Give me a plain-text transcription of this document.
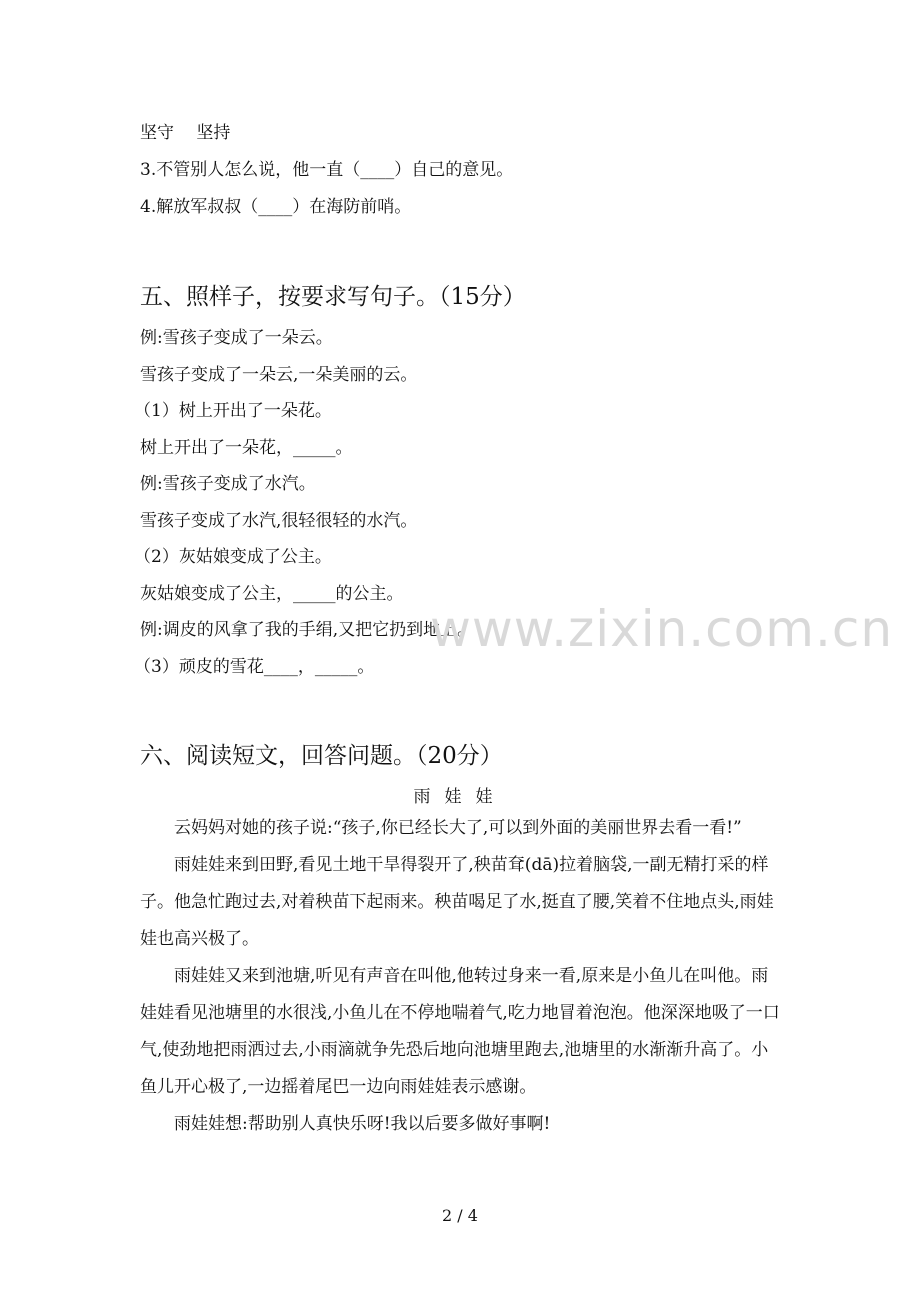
坚守　 坚持
3.不管别人怎么说，他一直（____）自己的意见。
4.解放军叔叔（____）在海防前哨。
五、照样子，按要求写句子。（15分）
例:雪孩子变成了一朵云。
雪孩子变成了一朵云,一朵美丽的云。
（1）树上开出了一朵花。
树上开出了一朵花，_____。
例:雪孩子变成了水汽。
雪孩子变成了水汽,很轻很轻的水汽。
（2）灰姑娘变成了公主。
灰姑娘变成了公主，_____的公主。
例:调皮的风拿了我的手绢,又把它扔到地上。
（3）顽皮的雪花____，_____。
www.zixin.com.cn
六、阅读短文，回答问题。（20分）
雨娃娃

云妈妈对她的孩子说:“孩子,你已经长大了,可以到外面的美丽世界去看一看!”

雨娃娃来到田野,看见土地干旱得裂开了,秧苗耷(dā)拉着脑袋,一副无精打采的样子。他急忙跑过去,对着秧苗下起雨来。秧苗喝足了水,挺直了腰,笑着不住地点头,雨娃娃也高兴极了。

雨娃娃又来到池塘,听见有声音在叫他,他转过身来一看,原来是小鱼儿在叫他。雨娃娃看见池塘里的水很浅,小鱼儿在不停地喘着气,吃力地冒着泡泡。他深深地吸了一口气,使劲地把雨洒过去,小雨滴就争先恐后地向池塘里跑去,池塘里的水渐渐升高了。小鱼儿开心极了,一边摇着尾巴一边向雨娃娃表示感谢。

雨娃娃想:帮助别人真快乐呀!我以后要多做好事啊!

2 / 4
